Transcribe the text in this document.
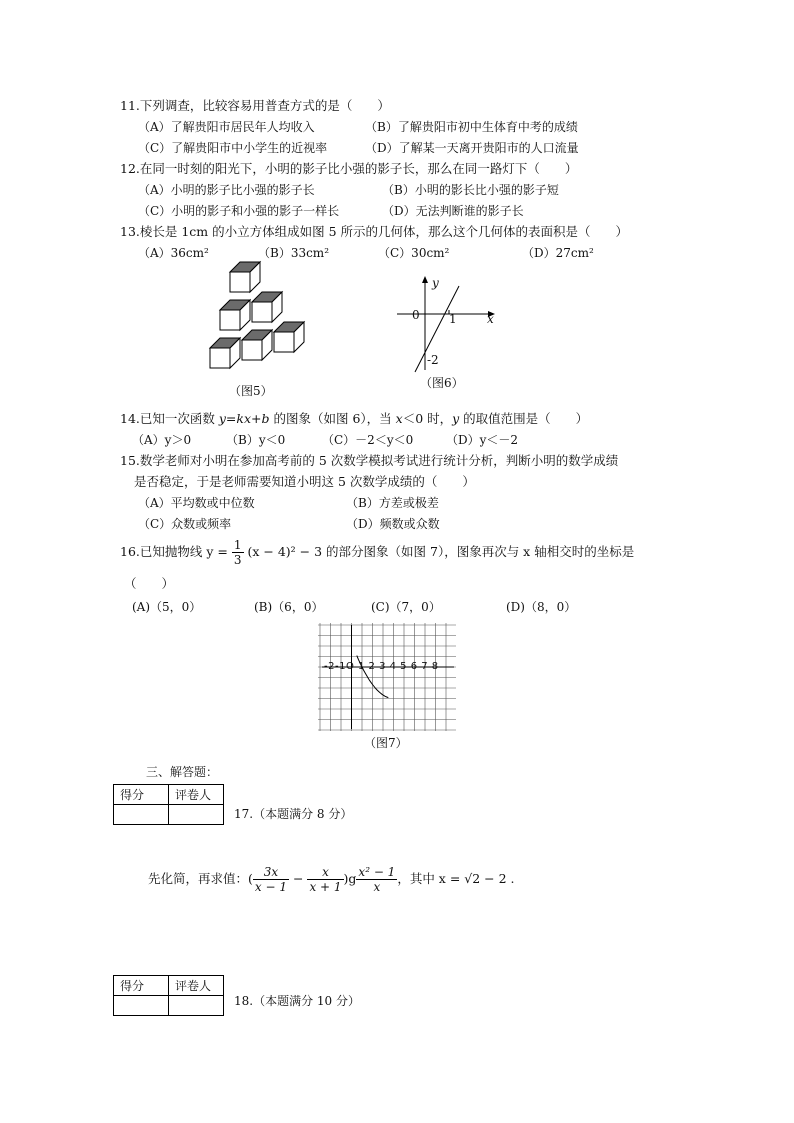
11.下列调查，比较容易用普查方式的是（　　）
（A）了解贵阳市居民年人均收入	（B）了解贵阳市初中生体育中考的成绩
（C）了解贵阳市中小学生的近视率	（D）了解某一天离开贵阳市的人口流量
12.在同一时刻的阳光下，小明的影子比小强的影子长，那么在同一路灯下（　　）
（A）小明的影子比小强的影子长	（B）小明的影长比小强的影子短
（C）小明的影子和小强的影子一样长	（D）无法判断谁的影子长
13.棱长是 1cm 的小立方体组成如图 5 所示的几何体，那么这个几何体的表面积是（　　）
（A）36cm²	（B）33cm²	（C）30cm²	（D）27cm²
（图5）
y
x
0 1
-2
（图6）
14.已知一次函数 y=kx+b 的图象（如图 6），当 x＜0 时，y 的取值范围是（　　）
（A）y＞0	（B）y＜0	（C）－2＜y＜0	（D）y＜－2
15.数学老师对小明在参加高考前的 5 次数学模拟考试进行统计分析，判断小明的数学成绩
是否稳定，于是老师需要知道小明这 5 次数学成绩的（　　）
（A）平均数或中位数	（B）方差或极差
（C）众数或频率	（D）频数或众数
16.已知抛物线 $y = \frac{1}{3} (x - 4)^2 - 3$ 的部分图象（如图 7），图象再次与 x 轴相交时的坐标是
（　　）
(A)（5，0）	(B)（6，0）	(C)（7，0）	(D)（8，0）
-2-1O 1 2 3 4 5 6 7 8
（图7）
三、解答题：
得分	评卷人

17.（本题满分 8 分）
先化简，再求值：( $\frac{3x}{x - 1} - \frac{x}{x + 1} )g \frac{\text{x² − 1}}{x}$ ，其中 x = √2 − 2 .
得分	评卷人

18.（本题满分 10 分）
